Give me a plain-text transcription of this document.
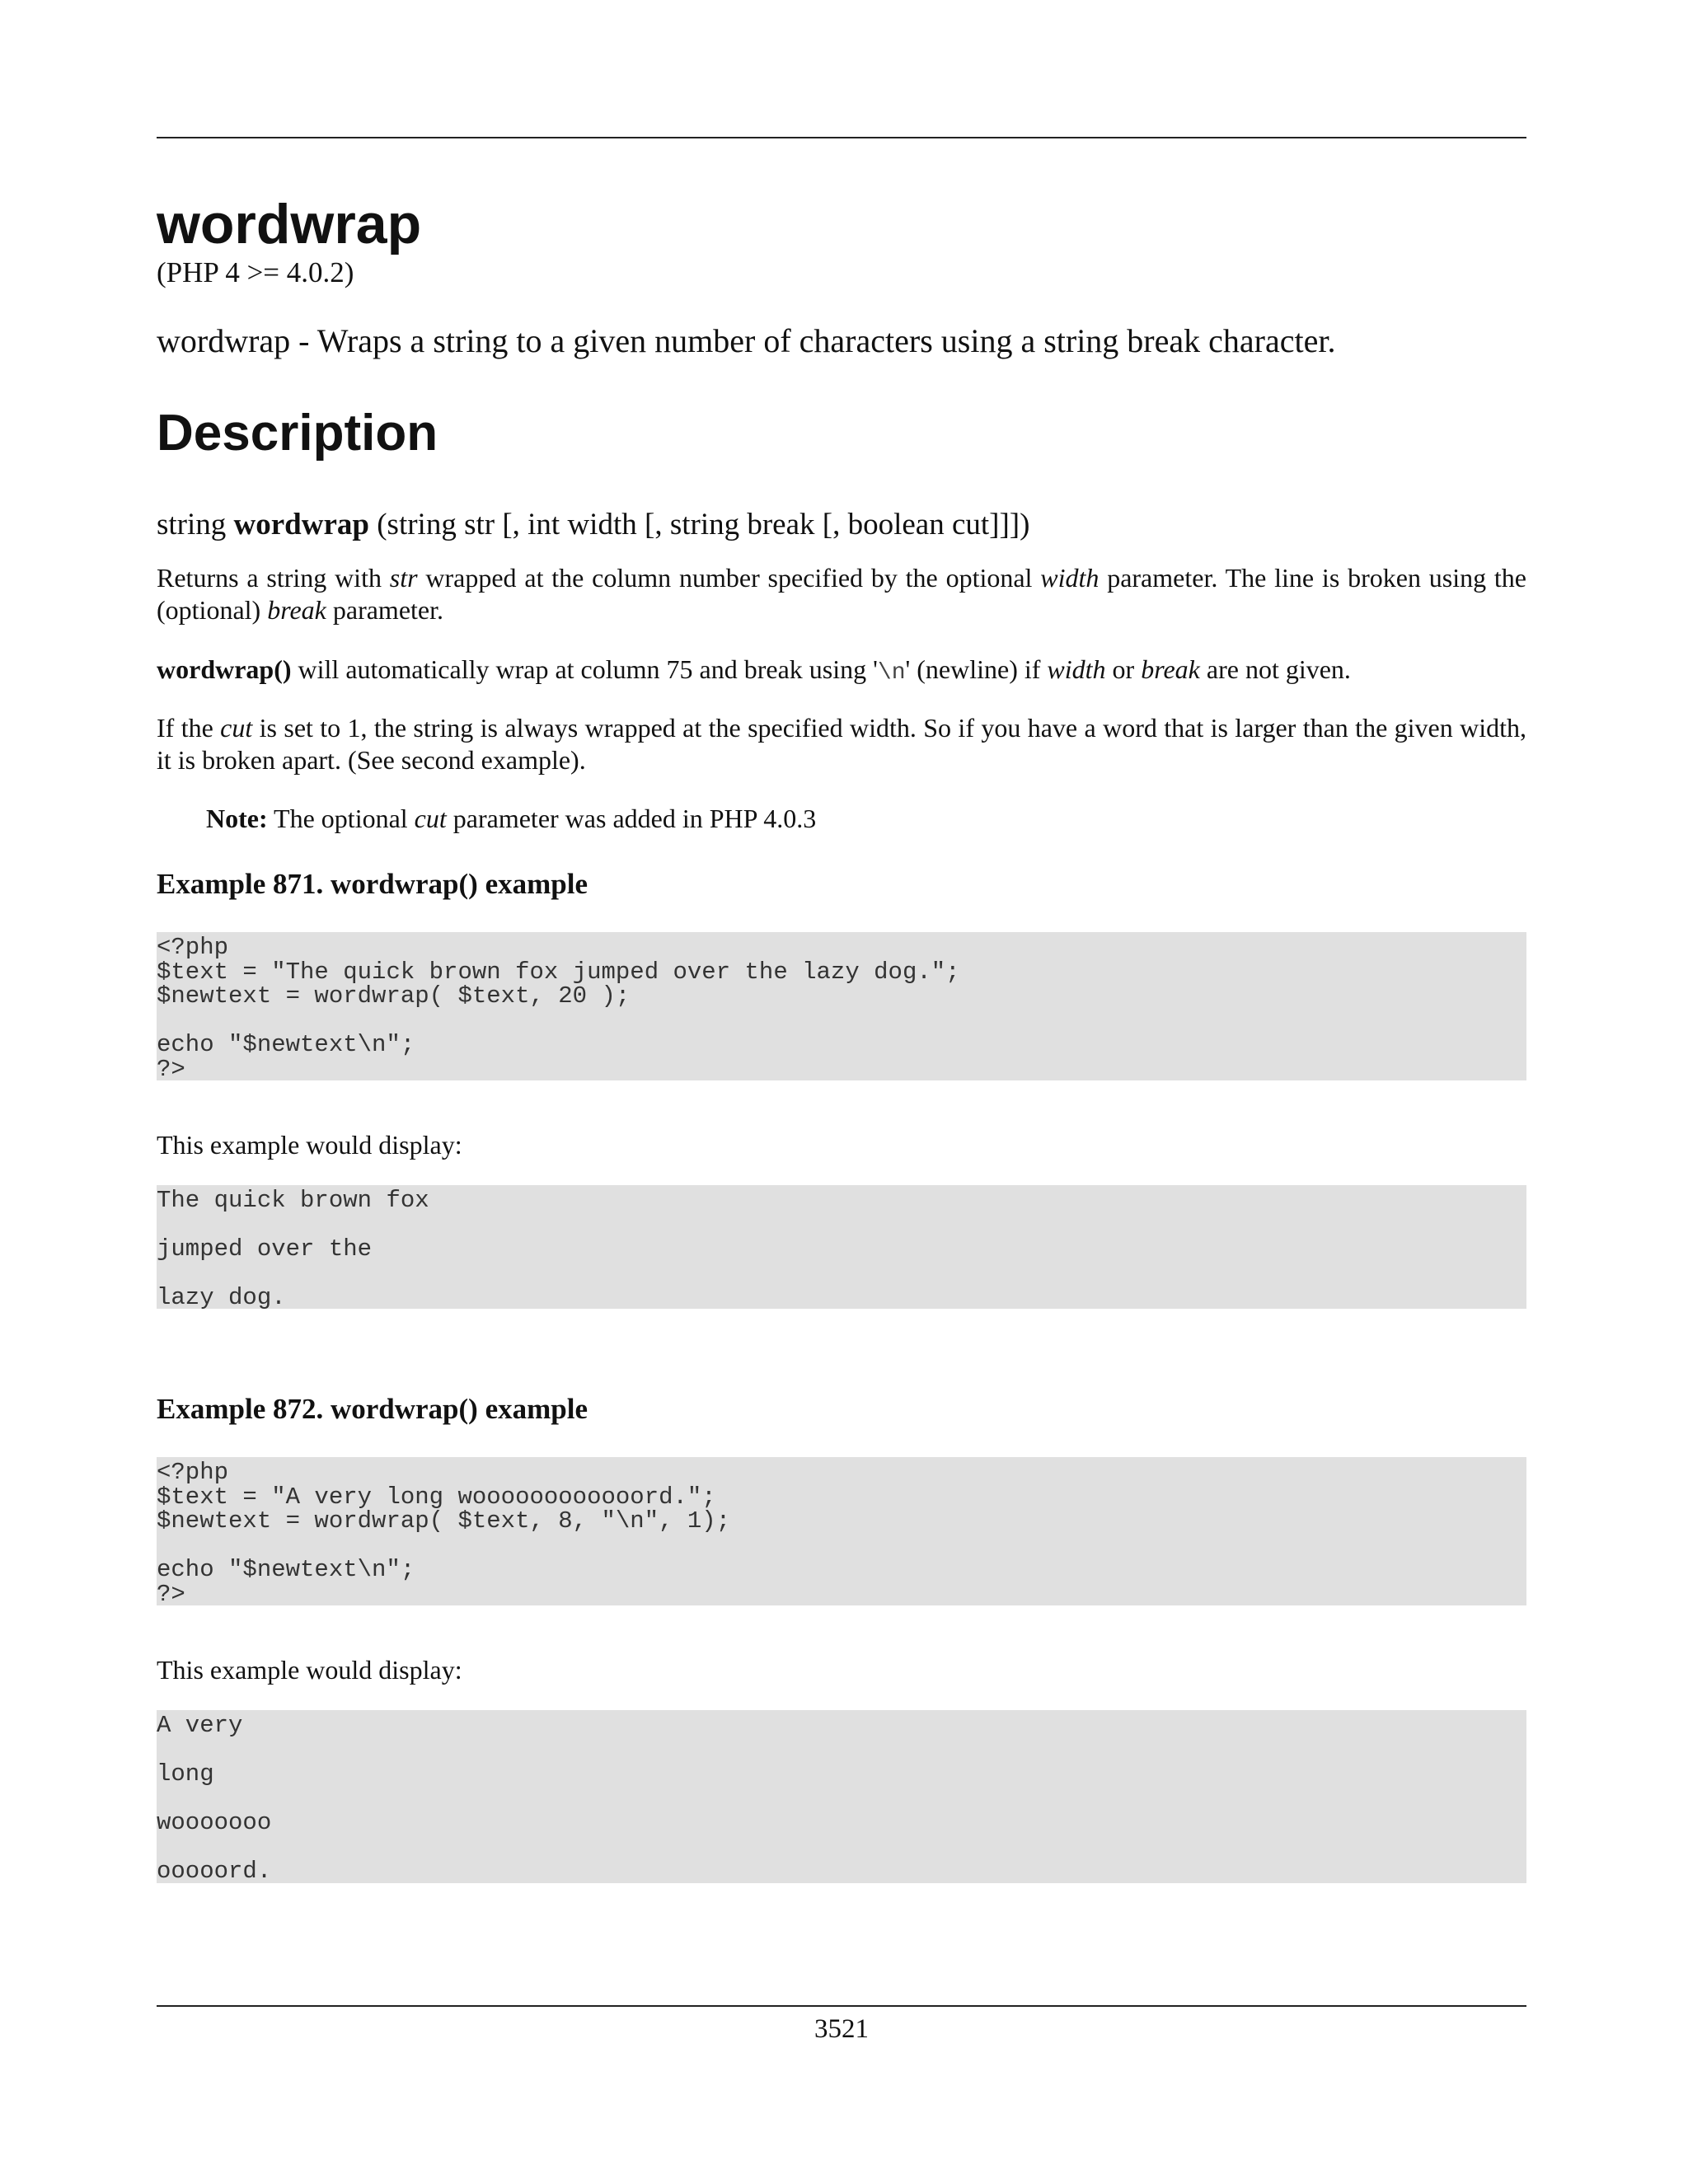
wordwrap
(PHP 4 >= 4.0.2)
wordwrap - Wraps a string to a given number of characters using a string break character.
Description
string wordwrap (string str [, int width [, string break [, boolean cut]]])
Returns a string with str wrapped at the column number specified by the optional width parameter. The line is broken using the (optional) break parameter.
wordwrap() will automatically wrap at column 75 and break using '\n' (newline) if width or break are not given.
If the cut is set to 1, the string is always wrapped at the specified width. So if you have a word that is larger than the given width, it is broken apart. (See second example).
Note: The optional cut parameter was added in PHP 4.0.3
Example 871. wordwrap() example
<?php
$text = "The quick brown fox jumped over the lazy dog.";
$newtext = wordwrap( $text, 20 );
echo "$newtext\n";
?>
This example would display:
The quick brown fox
jumped over the
lazy dog.
Example 872. wordwrap() example
<?php
$text = "A very long woooooooooooord.";
$newtext = wordwrap( $text, 8, "\n", 1);
echo "$newtext\n";
?>
This example would display:
A very
long
wooooooo
ooooord.
3521
